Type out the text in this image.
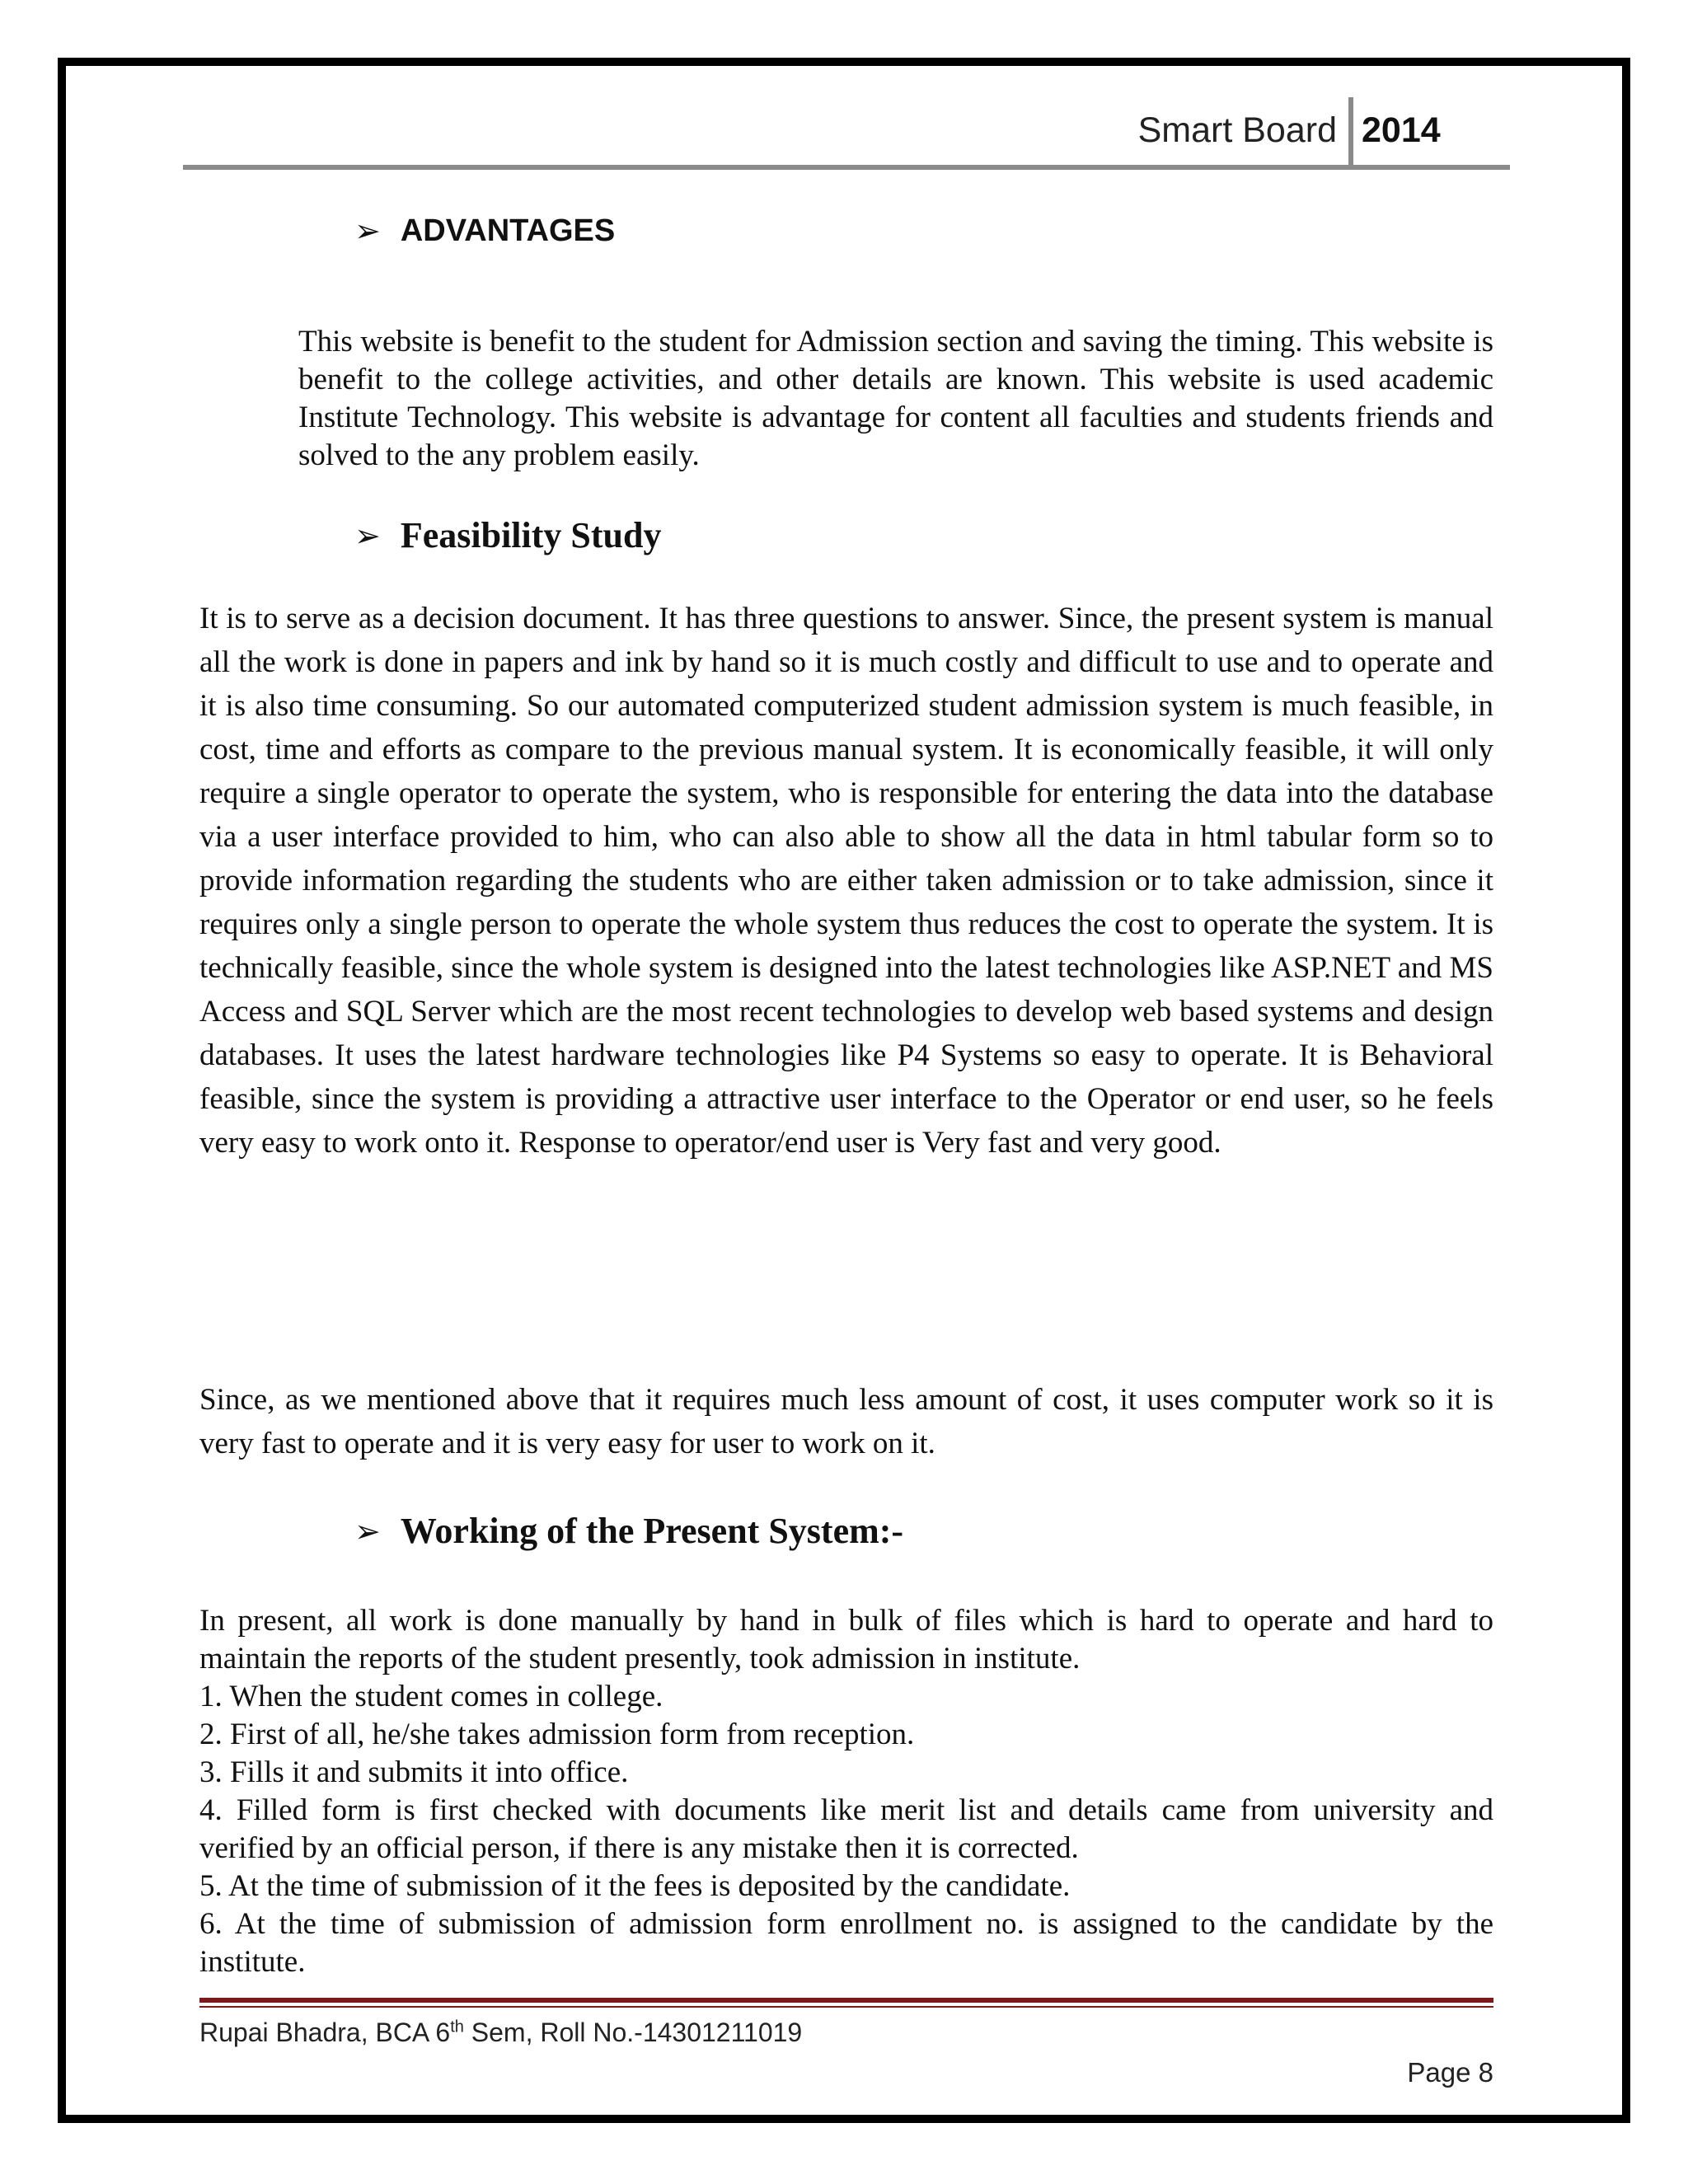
Smart Board 2014
➢ ADVANTAGES

This website is benefit to the student for Admission section and saving the timing. This website is benefit to the college activities, and other details are known. This website is used academic Institute Technology. This website is advantage for content all faculties and students friends and solved to the any problem easily.

➢ Feasibility Study

It is to serve as a decision document. It has three questions to answer. Since, the present system is manual all the work is done in papers and ink by hand so it is much costly and difficult to use and to operate and it is also time consuming. So our automated computerized student admission system is much feasible, in cost, time and efforts as compare to the previous manual system. It is economically feasible, it will only require a single operator to operate the system, who is responsible for entering the data into the database via a user interface provided to him, who can also able to show all the data in html tabular form so to provide information regarding the students who are either taken admission or to take admission, since it requires only a single person to operate the whole system thus reduces the cost to operate the system. It is technically feasible, since the whole system is designed into the latest technologies like ASP.NET and MS Access and SQL Server which are the most recent technologies to develop web based systems and design databases. It uses the latest hardware technologies like P4 Systems so easy to operate. It is Behavioral feasible, since the system is providing a attractive user interface to the Operator or end user, so he feels very easy to work onto it. Response to operator/end user is Very fast and very good.

Since, as we mentioned above that it requires much less amount of cost, it uses computer work so it is very fast to operate and it is very easy for user to work on it.

➢ Working of the Present System:-

In present, all work is done manually by hand in bulk of files which is hard to operate and hard to maintain the reports of the student presently, took admission in institute.

1. When the student comes in college.

2. First of all, he/she takes admission form from reception.

3. Fills it and submits it into office.

4. Filled form is first checked with documents like merit list and details came from university and verified by an official person, if there is any mistake then it is corrected.

5. At the time of submission of it the fees is deposited by the candidate.

6. At the time of submission of admission form enrollment no. is assigned to the candidate by the institute.

Rupai Bhadra, BCA 6th Sem, Roll No.-14301211019
Page 8
